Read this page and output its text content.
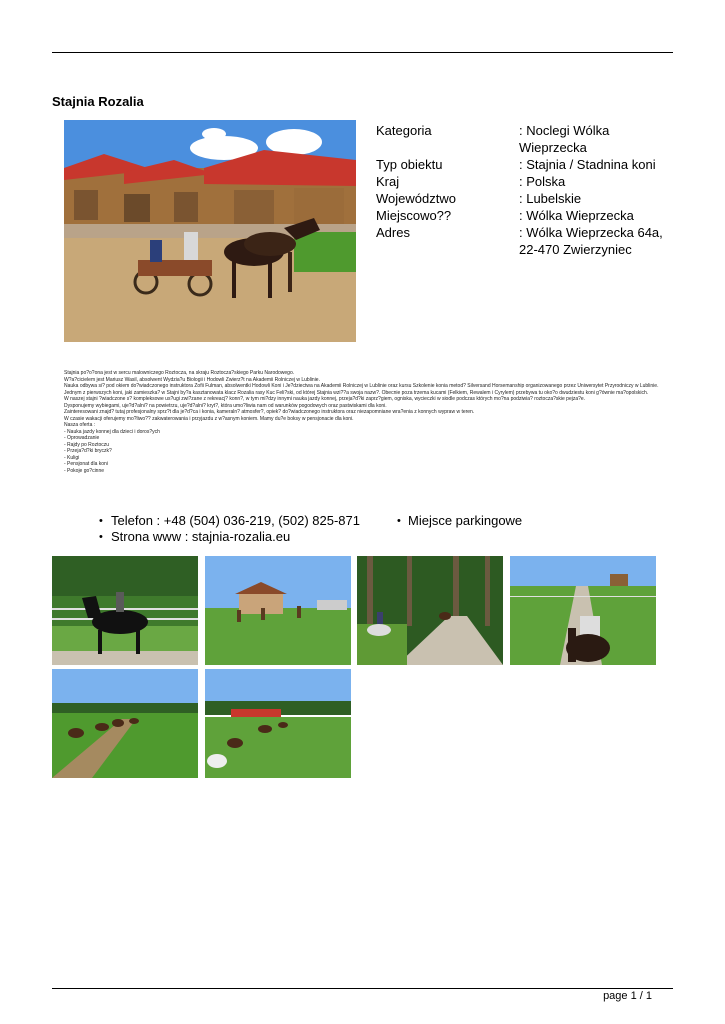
Stajnia Rozalia
Kategoria	: Noclegi Wólka Wieprzecka
Typ obiektu	: Stajnia / Stadnina koni
Kraj	: Polska
Województwo	: Lubelskie
Miejscowo??	: Wólka Wieprzecka
Adres	: Wólka Wieprzecka 64a, 22-470 Zwierzyniec
Stajnia po?o?ona jest w sercu malowniczego Roztocza, na skraju Roztocza?skiego Parku Narodowego.
W?a?cicielem jest Mariusz Wasil, absolwent Wydzia?u Biologii i Hodowli Zwierz?t na Akademii Rolniczej w Lublinie.
Nauka odbywa si? pod okiem do?wiadczonego instruktora Zofii Fulman, absolwentki Hodowli Koni i Je?dziectwa na Akademii Rolniczej w Lublinie oraz kursu Szkolenie konia metod? Silversand Horsemanship organizowanego przez Uniwersytet Przyrodniczy w Lublinie.
Jednym z pierwszych koni, jaki zamieszka? w Stajni by?a kasztanowata klacz Rozalia rasy Kuc Feli?ski, od której Stajnia wzi??a swoja nazw?. Obecnie poza trzema kucami (Felkiem, Rewalem i Cyrylem) przebywa tu oko?o dwudziestu koni g?ównie ma?opolskich.
W naszej stajni ?wiadczone s? kompleksowe us?ugi zwi?zane z rekreacj? konn?, w tym mi?dzy innymi nauka jazdy konnej, przeja?d?ki zaprz?giem, ogniska, wycieczki w siodle podczas których mo?na podziwia? roztocza?skie pejza?e.
Dysponujemy wybiegami, uje?d?alni? na powietrzu, uje?d?alni? kryt?, która umo?liwia nam od warunków pogodowych oraz pastwiskami dla koni.
Zainteresowani znajd? tutaj profesjonalny sprz?t dla je?d?ca i konia, kameraln? atmosfer?, opiek? do?wiadczonego instruktora oraz niezapomniane wra?enia z konnych wypraw w teren.
W czasie wakacji oferujemy mo?liwo?? zakwaterowania i przyjazdu z w?asnym koniem. Mamy du?e boksy w pensjonacie dla koni.
Nasza oferta :
- Nauka jazdy konnej dla dzieci i doros?ych
- Oprowadzanie
- Rajdy po Roztoczu
- Przeja?d?ki bryczk?
- Kuligi
- Pensjonat dla koni
- Pokoje go?cinne
• Telefon : +48 (504) 036-219, (502) 825-871
• Strona www : stajnia-rozalia.eu
• Miejsce parkingowe
page 1 / 1
